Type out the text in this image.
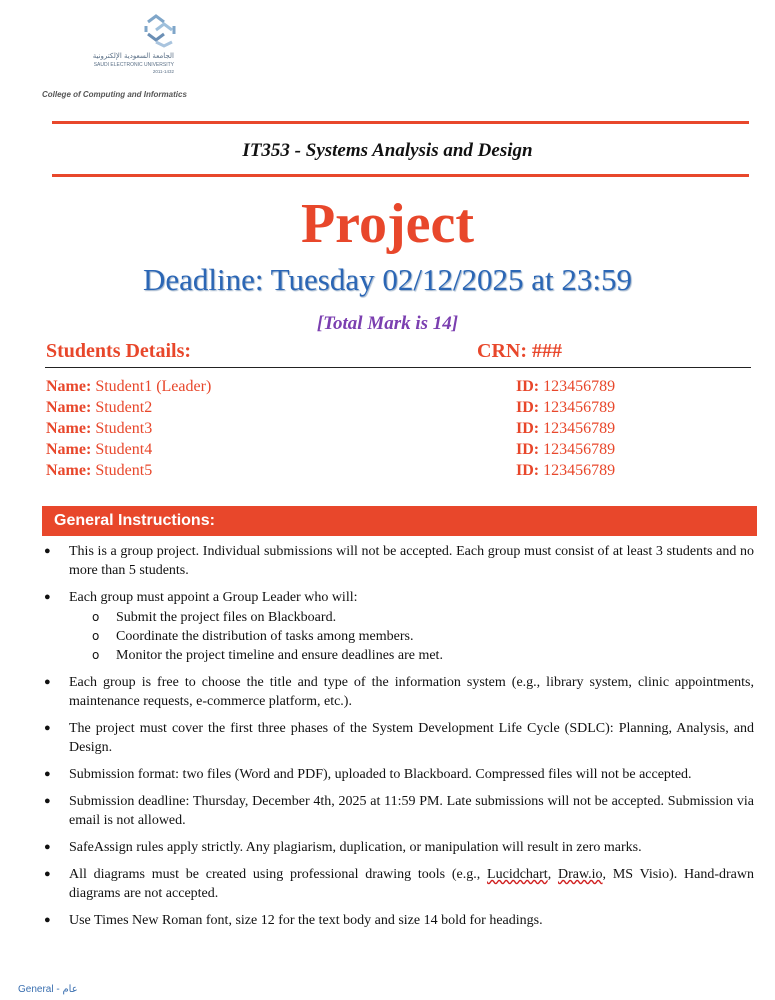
الجامعة السعودية الإلكترونية
SAUDI ELECTRONIC UNIVERSITY
2011-1432
College of Computing and Informatics
IT353 - Systems Analysis and Design
Project
Deadline: Tuesday 02/12/2025 at 23:59
[Total Mark is 14]
Students Details:	CRN: ###
Name: Student1 (Leader)	ID: 123456789
Name: Student2	ID: 123456789
Name: Student3	ID: 123456789
Name: Student4	ID: 123456789
Name: Student5	ID: 123456789
General Instructions:
● This is a group project. Individual submissions will not be accepted. Each group must consist of at least 3 students and no more than 5 students.
● Each group must appoint a Group Leader who will:
o Submit the project files on Blackboard.
o Coordinate the distribution of tasks among members.
o Monitor the project timeline and ensure deadlines are met.
● Each group is free to choose the title and type of the information system (e.g., library system, clinic appointments, maintenance requests, e-commerce platform, etc.).
● The project must cover the first three phases of the System Development Life Cycle (SDLC): Planning, Analysis, and Design.
● Submission format: two files (Word and PDF), uploaded to Blackboard. Compressed files will not be accepted.
● Submission deadline: Thursday, December 4th, 2025 at 11:59 PM. Late submissions will not be accepted. Submission via email is not allowed.
● SafeAssign rules apply strictly. Any plagiarism, duplication, or manipulation will result in zero marks.
● All diagrams must be created using professional drawing tools (e.g., Lucidchart, Draw.io, MS Visio). Hand-drawn diagrams are not accepted.
● Use Times New Roman font, size 12 for the text body and size 14 bold for headings.
General - عام
